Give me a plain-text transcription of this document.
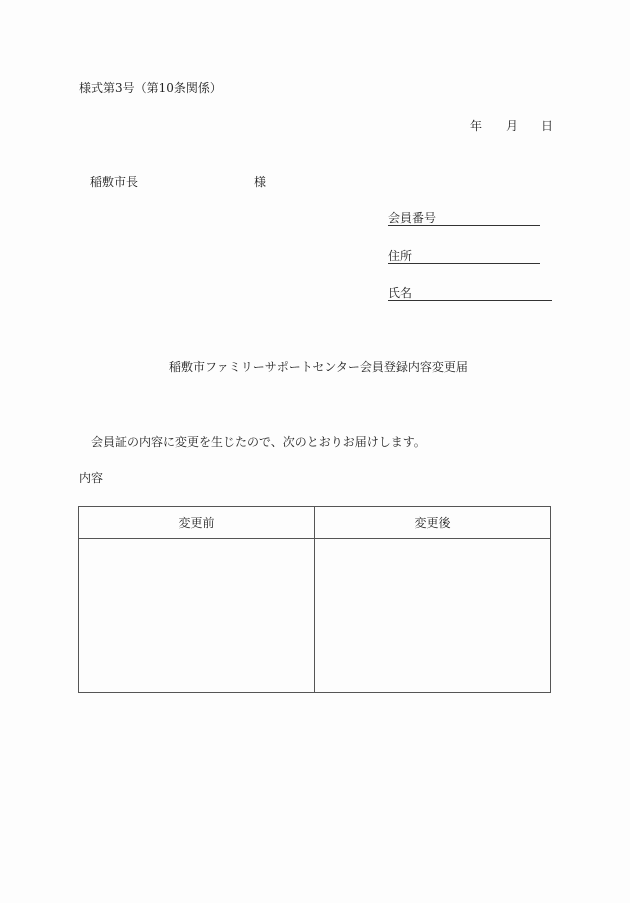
様式第3号（第10条関係）
年 月 日
稲敷市長	様
会員番号
住所
氏名
稲敷市ファミリーサポートセンター会員登録内容変更届
会員証の内容に変更を生じたので、次のとおりお届けします。
内容
変更前	変更後
